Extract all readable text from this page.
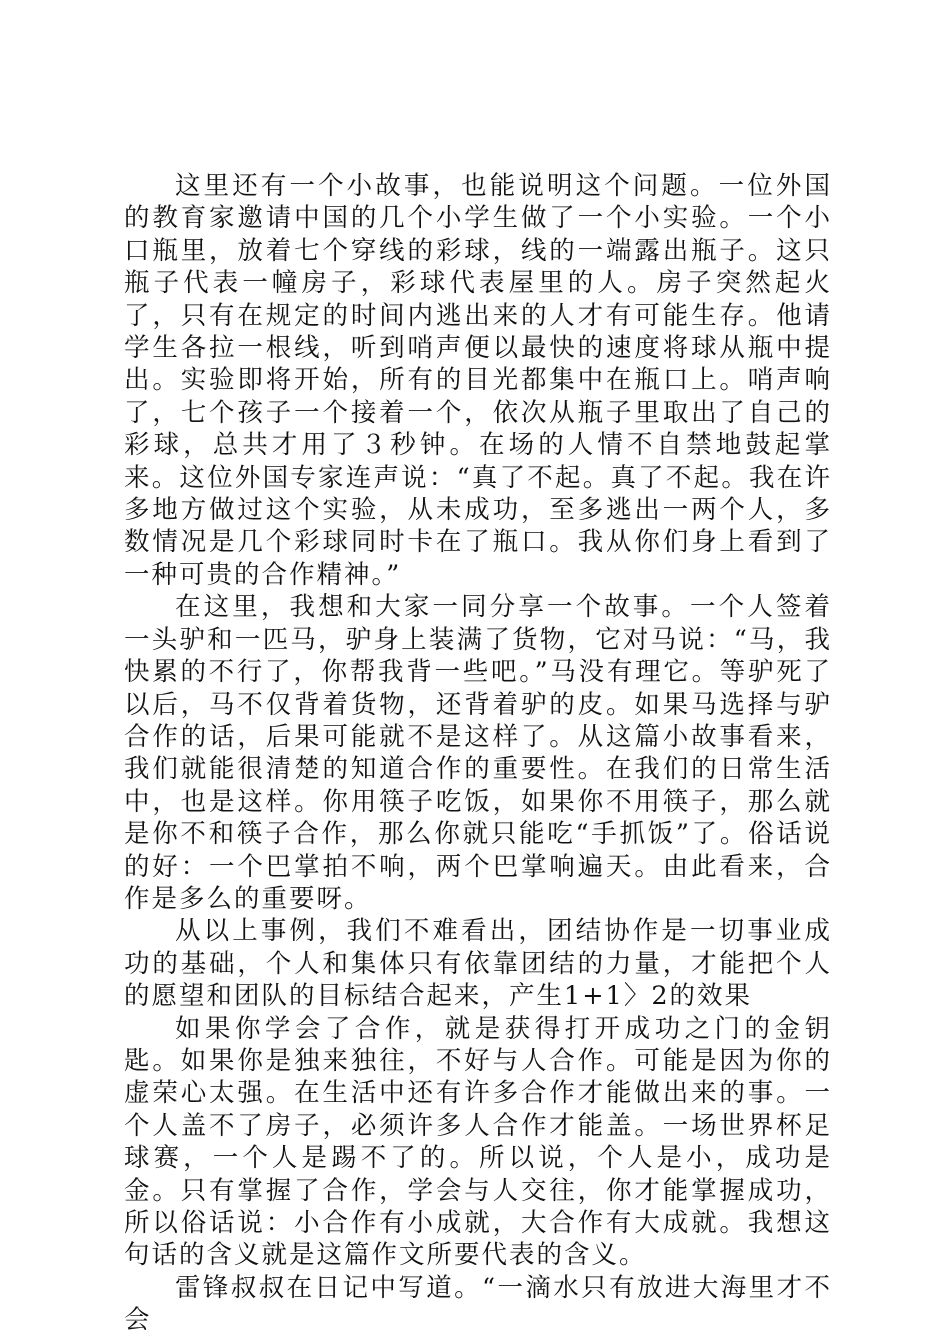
这里还有一个小故事，也能说明这个问题。一位外国的教育家邀请中国的几个小学生做了一个小实验。一个小口瓶里，放着七个穿线的彩球，线的一端露出瓶子。这只瓶子代表一幢房子，彩球代表屋里的人。房子突然起火了，只有在规定的时间内逃出来的人才有可能生存。他请学生各拉一根线，听到哨声便以最快的速度将球从瓶中提出。实验即将开始，所有的目光都集中在瓶口上。哨声响了，七个孩子一个接着一个，依次从瓶子里取出了自己的彩球，总共才用了３秒钟。在场的人情不自禁地鼓起掌来。这位外国专家连声说：“真了不起。真了不起。我在许多地方做过这个实验，从未成功，至多逃出一两个人，多数情况是几个彩球同时卡在了瓶口。我从你们身上看到了一种可贵的合作精神。”

在这里，我想和大家一同分享一个故事。一个人签着一头驴和一匹马，驴身上装满了货物，它对马说：“马，我快累的不行了，你帮我背一些吧。”马没有理它。等驴死了以后，马不仅背着货物，还背着驴的皮。如果马选择与驴合作的话，后果可能就不是这样了。从这篇小故事看来，我们就能很清楚的知道合作的重要性。在我们的日常生活中，也是这样。你用筷子吃饭，如果你不用筷子，那么就是你不和筷子合作，那么你就只能吃“手抓饭”了。俗话说的好：一个巴掌拍不响，两个巴掌响遍天。由此看来，合作是多么的重要呀。

从以上事例，我们不难看出，团结协作是一切事业成功的基础，个人和集体只有依靠团结的力量，才能把个人的愿望和团队的目标结合起来，产生1+1〉2的效果

如果你学会了合作，就是获得打开成功之门的金钥匙。如果你是独来独往，不好与人合作。可能是因为你的虚荣心太强。在生活中还有许多合作才能做出来的事。一个人盖不了房子，必须许多人合作才能盖。一场世界杯足球赛，一个人是踢不了的。所以说，个人是小，成功是金。只有掌握了合作，学会与人交往，你才能掌握成功，所以俗话说：小合作有小成就，大合作有大成就。我想这句话的含义就是这篇作文所要代表的含义。

雷锋叔叔在日记中写道。“一滴水只有放进大海里才不会
